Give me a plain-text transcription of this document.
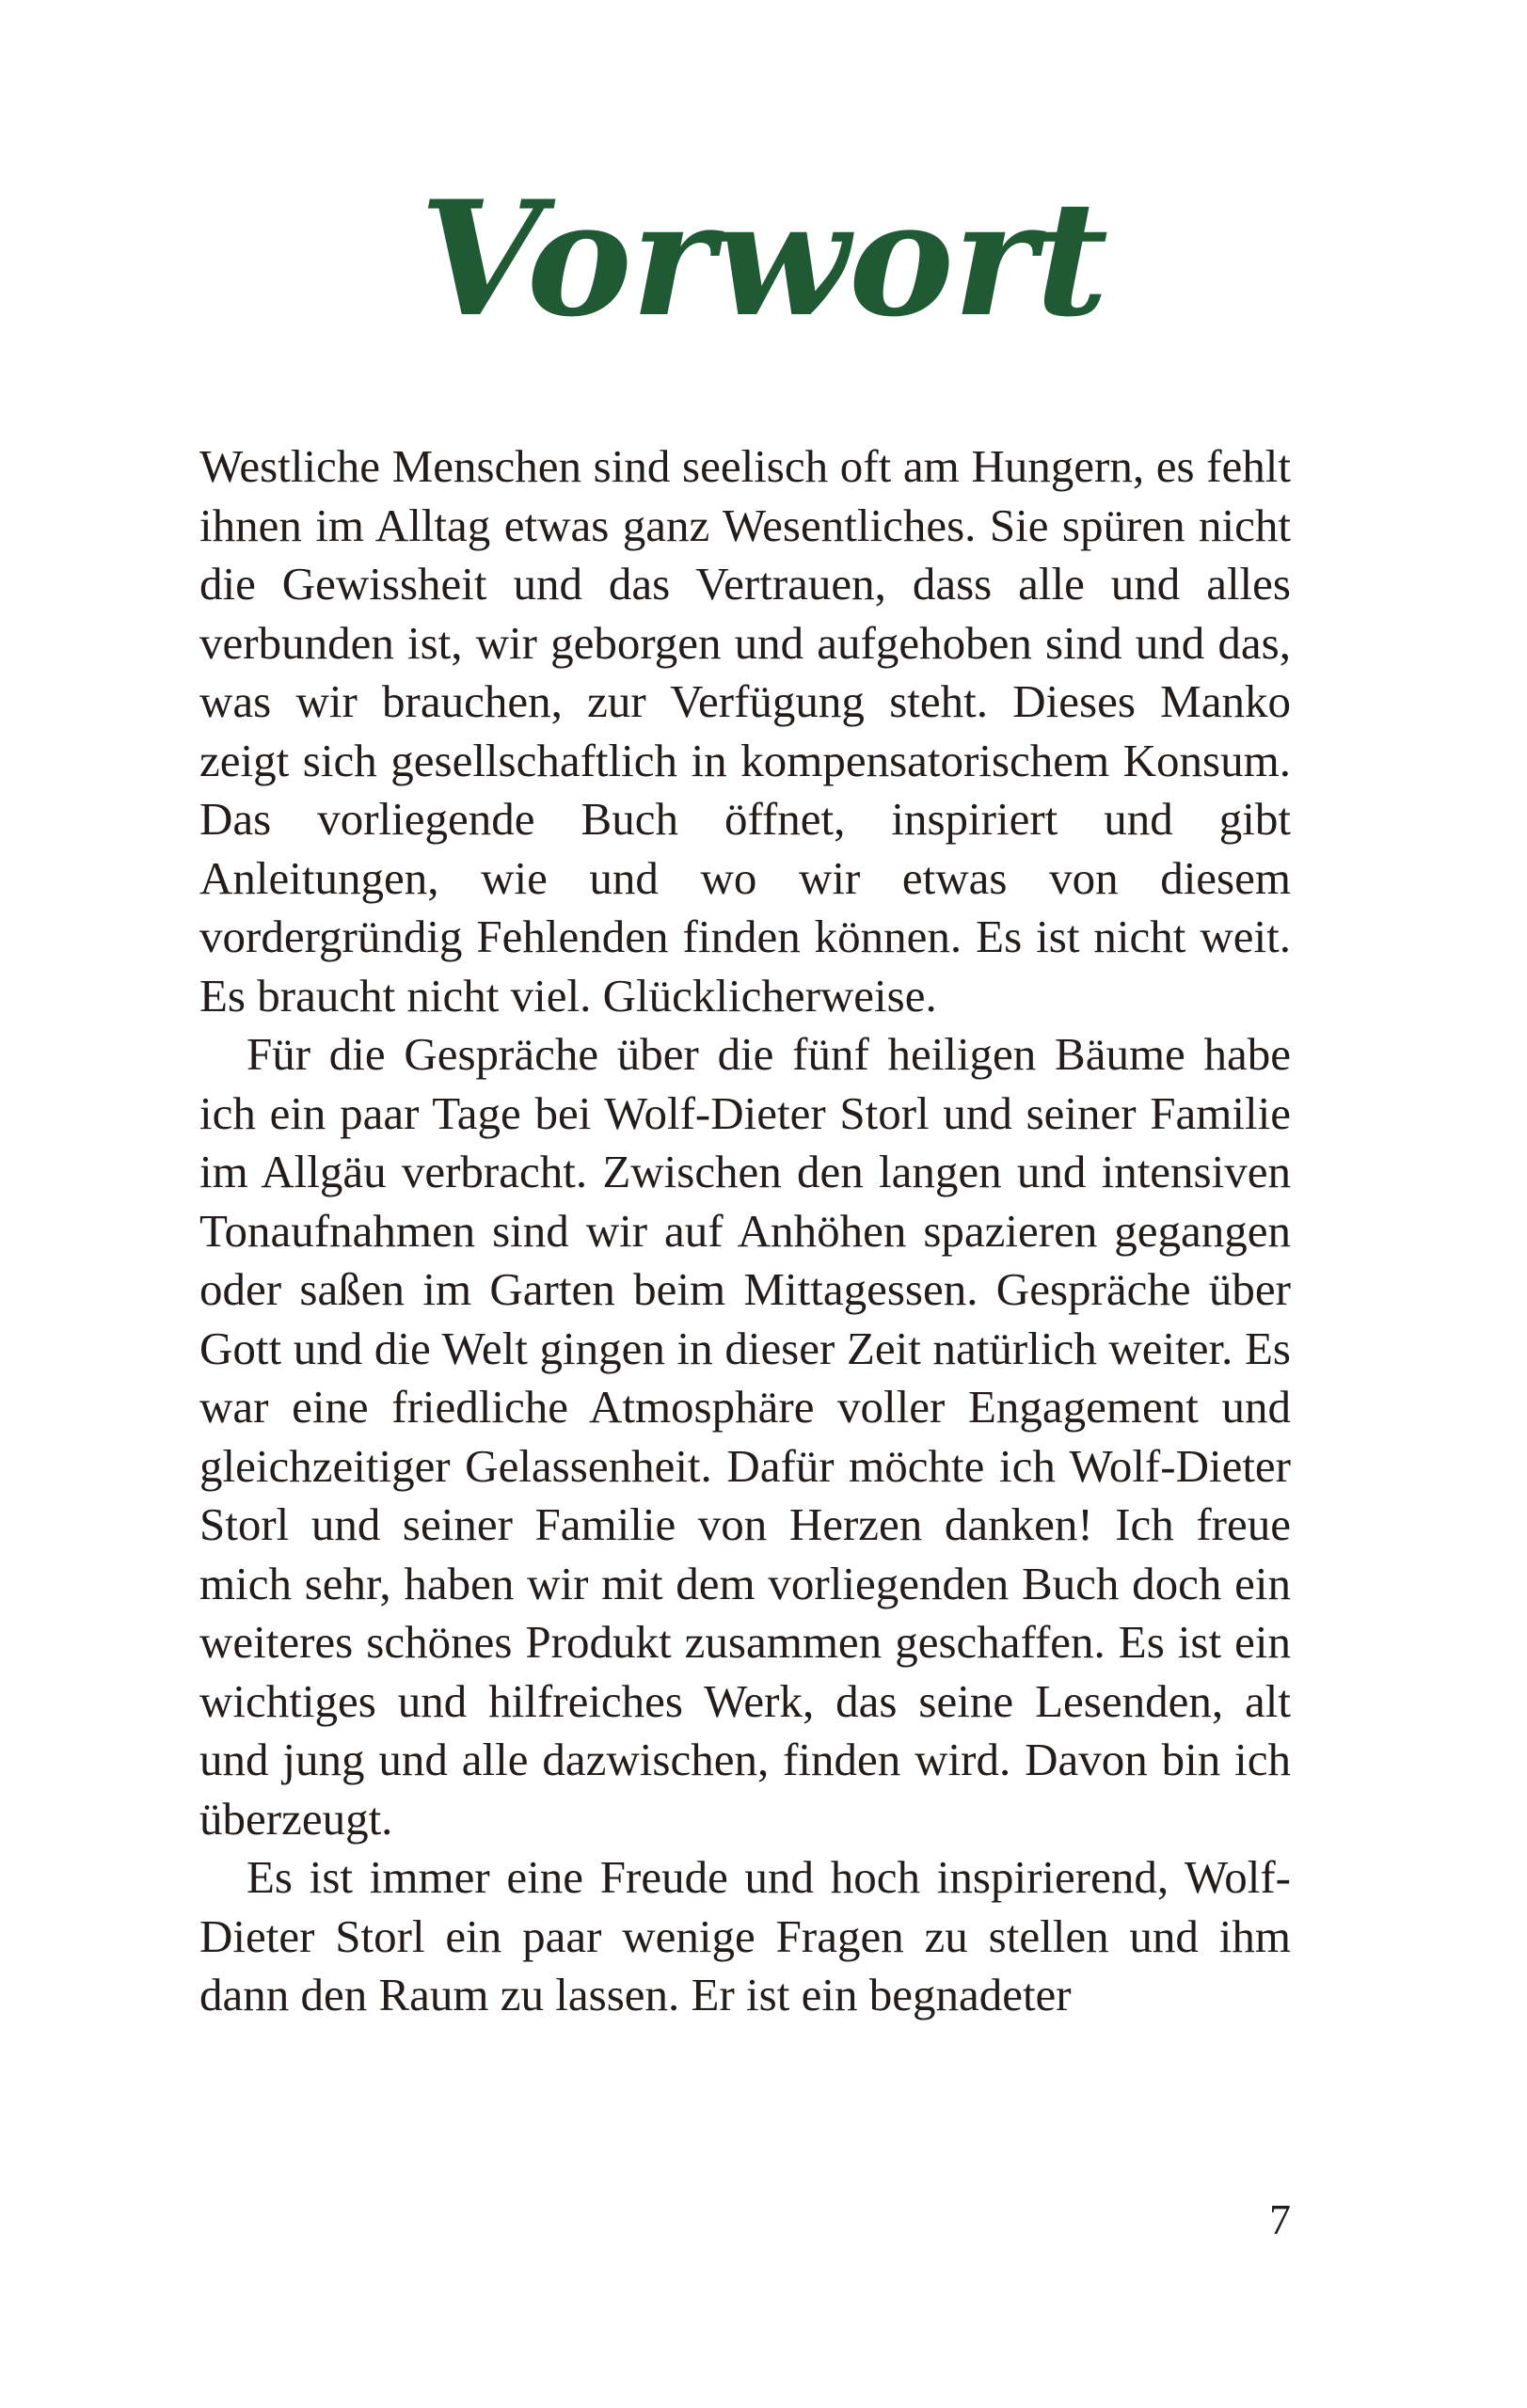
Vorwort

Westliche Menschen sind seelisch oft am Hungern, es fehlt ihnen im Alltag etwas ganz Wesentliches. Sie spüren nicht die Gewissheit und das Vertrauen, dass alle und alles verbunden ist, wir geborgen und aufgehoben sind und das, was wir brauchen, zur Verfügung steht. Dieses Manko zeigt sich gesellschaftlich in kompensatorischem Konsum. Das vorliegende Buch öffnet, inspiriert und gibt Anleitungen, wie und wo wir etwas von diesem vordergründig Fehlenden finden können. Es ist nicht weit. Es braucht nicht viel. Glücklicherweise.

Für die Gespräche über die fünf heiligen Bäume habe ich ein paar Tage bei Wolf-Dieter Storl und seiner Familie im Allgäu verbracht. Zwischen den langen und intensiven Tonaufnahmen sind wir auf Anhöhen spazieren gegangen oder saßen im Garten beim Mittagessen. Gespräche über Gott und die Welt gingen in dieser Zeit natürlich weiter. Es war eine friedliche Atmosphäre voller Engagement und gleichzeitiger Gelassenheit. Dafür möchte ich Wolf-Dieter Storl und seiner Familie von Herzen danken! Ich freue mich sehr, haben wir mit dem vorliegenden Buch doch ein weiteres schönes Produkt zusammen geschaffen. Es ist ein wichtiges und hilfreiches Werk, das seine Lesenden, alt und jung und alle dazwischen, finden wird. Davon bin ich überzeugt.

Es ist immer eine Freude und hoch inspirierend, Wolf-Dieter Storl ein paar wenige Fragen zu stellen und ihm dann den Raum zu lassen. Er ist ein begnadeter

7
